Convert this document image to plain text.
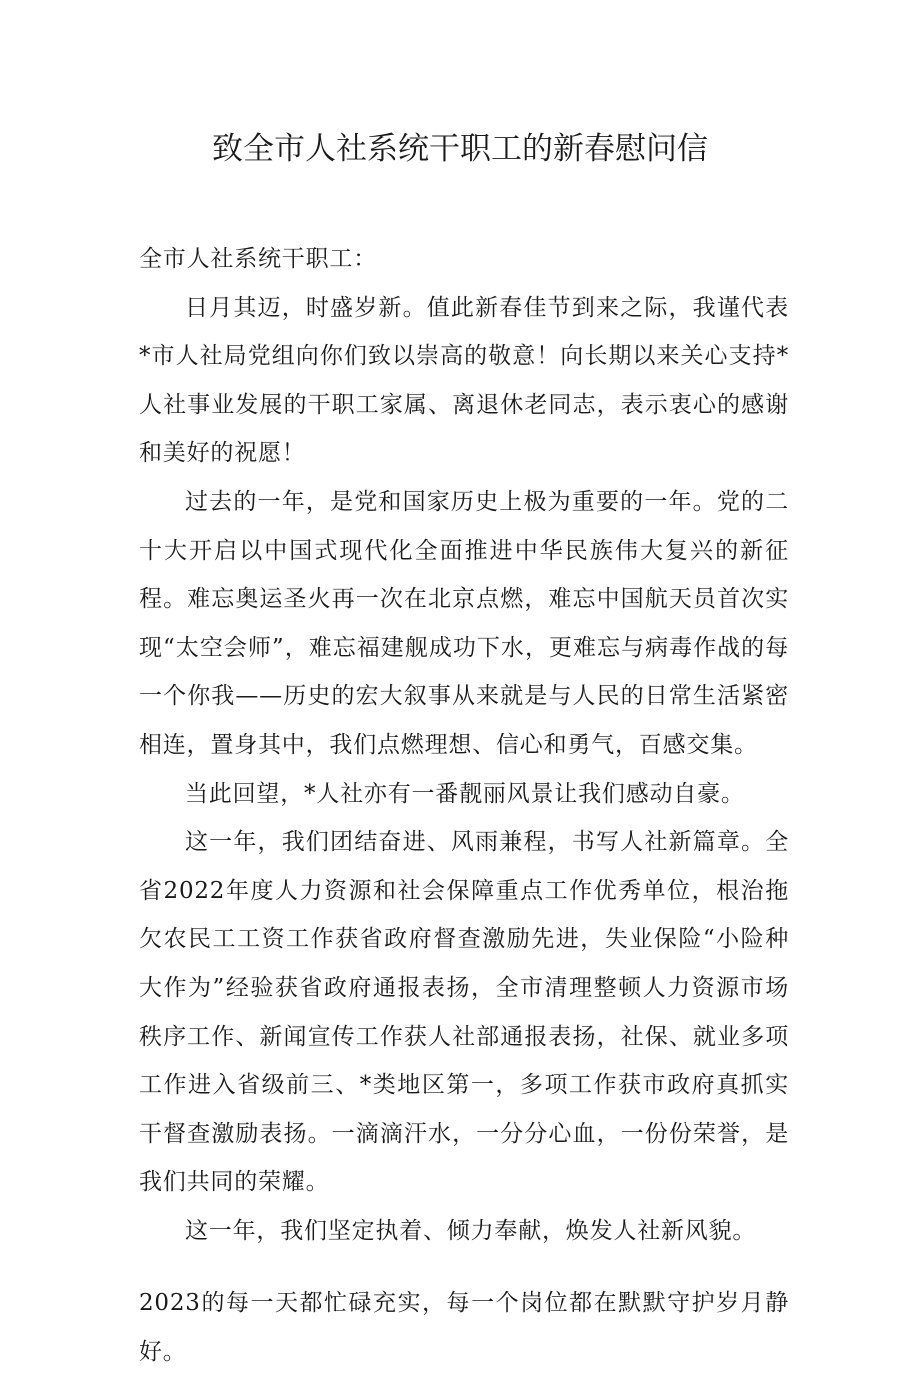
致全市人社系统干职工的新春慰问信

全市人社系统干职工：

日月其迈，时盛岁新。值此新春佳节到来之际，我谨代表*市人社局党组向你们致以崇高的敬意！向长期以来关心支持*人社事业发展的干职工家属、离退休老同志，表示衷心的感谢和美好的祝愿！

过去的一年，是党和国家历史上极为重要的一年。党的二十大开启以中国式现代化全面推进中华民族伟大复兴的新征程。难忘奥运圣火再一次在北京点燃，难忘中国航天员首次实现“太空会师”，难忘福建舰成功下水，更难忘与病毒作战的每一个你我——历史的宏大叙事从来就是与人民的日常生活紧密相连，置身其中，我们点燃理想、信心和勇气，百感交集。

当此回望，*人社亦有一番靓丽风景让我们感动自豪。

这一年，我们团结奋进、风雨兼程，书写人社新篇章。全省2022年度人力资源和社会保障重点工作优秀单位，根治拖欠农民工工资工作获省政府督查激励先进，失业保险“小险种大作为”经验获省政府通报表扬，全市清理整顿人力资源市场秩序工作、新闻宣传工作获人社部通报表扬，社保、就业多项工作进入省级前三、*类地区第一，多项工作获市政府真抓实干督查激励表扬。一滴滴汗水，一分分心血，一份份荣誉，是我们共同的荣耀。

这一年，我们坚定执着、倾力奉献，焕发人社新风貌。

2023的每一天都忙碌充实，每一个岗位都在默默守护岁月静好。
